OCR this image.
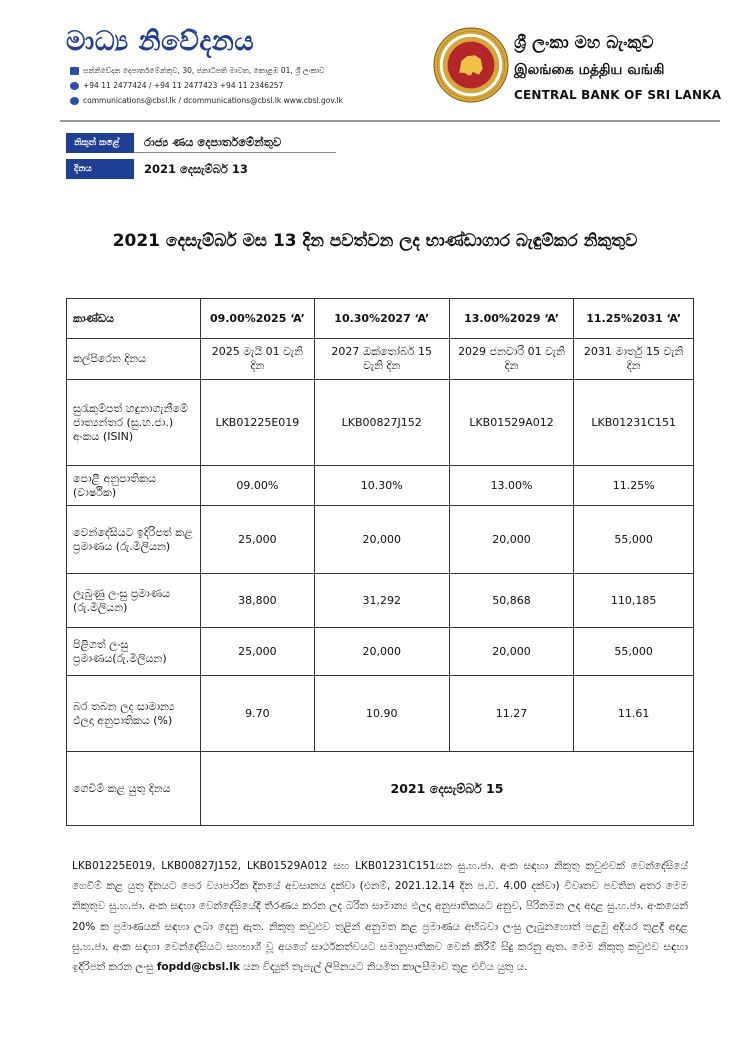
මාධ්‍ය නිවේදනය
සන්නිවේදන දෙපාර්තමේන්තුව, 30, ජනාධිපති මාවත, කොළඹ 01, ශ්‍රී ලංකාව
+94 11 2477424 / +94 11 2477423 +94 11 2346257
communications@cbsl.lk / dcommunications@cbsl.lk www.cbsl.gov.lk
ශ්‍රී ලංකා මහ බැංකුව
இலங்கை மத்திய வங்கி
CENTRAL BANK OF SRI LANKA
නිකුත් කළේ	රාජ්‍ය ණය දෙපාර්තමේන්තුව
දිනය	2021 දෙසැම්බර් 13
2021 දෙසැම්බර් මස 13 දින පවත්වන ලද භාණ්ඩාගාර බැඳුම්කර නිකුතුව
කාණ්ඩය	09.00%2025 ‘A’	10.30%2027 ‘A’	13.00%2029 ‘A’	11.25%2031 ‘A’
කල්පිරෙන දිනය	2025 මැයි 01 වැනි දින	2027 ඔක්තෝබර් 15 වැනි දින	2029 ජනවාරි 01 වැනි දින	2031 මාර්තු 15 වැනි දින
සුරැකුම්පත් හඳුනාගැනීමේ ජාත්‍යන්තර (සු.හ.ජා.) අංකය (ISIN)	LKB01225E019	LKB00827J152	LKB01529A012	LKB01231C151
පොළී අනුපාතිකය (වාර්ෂික)	09.00%	10.30%	13.00%	11.25%
වෙන්දේසියට ඉදිරිපත් කළ ප්‍රමාණය (රු.මිලියන)	25,000	20,000	20,000	55,000
ලැබුණු ලංසු ප්‍රමාණය (රු.මිලියන)	38,800	31,292	50,868	110,185
පිළිගත් ලංසු ප්‍රමාණය(රු.මිලියන)	25,000	20,000	20,000	55,000
බර තබන ලද සාමාන්‍ය ඵලදා අනුපාතිකය (%)	9.70	10.90	11.27	11.61
ගෙවීම් කළ යුතු දිනය	2021 දෙසැම්බර් 15			
LKB01225E019, LKB00827J152, LKB01529A012 සහ LKB01231C151යන සු.හ.ජා. අංක සඳහා නිකුතු කවුළුවක් වෙන්දේසියේ ගෙවීම් කළ යුතු දිනයට පෙර ව්‍යාපාරික දිනයේ අවසානය දක්වා (එනම්, 2021.12.14 දින ප.ව. 4.00 දක්වා) විවෘතව පවතින අතර මෙම නිකුතුව සු.හ.ජා. අංක සඳහා වෙන්දේසියේදී තීරණය කරන ලද බරිත සාමාන්‍ය ඵලදා අනුපාතිකයට අනුව, පිරිනමන ලද අදාළ සු.හ.ජා. අංකයෙන් 20% ක ප්‍රමාණයක් සඳහා ලබා දෙනු ඇත. නිකුතු කවුළුව තුළින් අනුමත කළ ප්‍රමාණය අභිබවා ලංසු ලැබුනහොත් පළමු අදියර තුළදී අදාළ සු.හ.ජා. අංක සඳහා වෙන්දේසියට සහභාගී වූ අයගේ සාර්ථකත්වයට සමානුපාතිකව වෙන් කිරීම් සිදු කරනු ඇත. මෙම නිකුතු කවුළුව සඳහා ඉදිරිපත් කරන ලංසු fopdd@cbsl.lk යන විද්‍යුත් තැපැල් ලිපිනයට නියමිත කාලසීමාව තුළ එවිය යුතු ය.
